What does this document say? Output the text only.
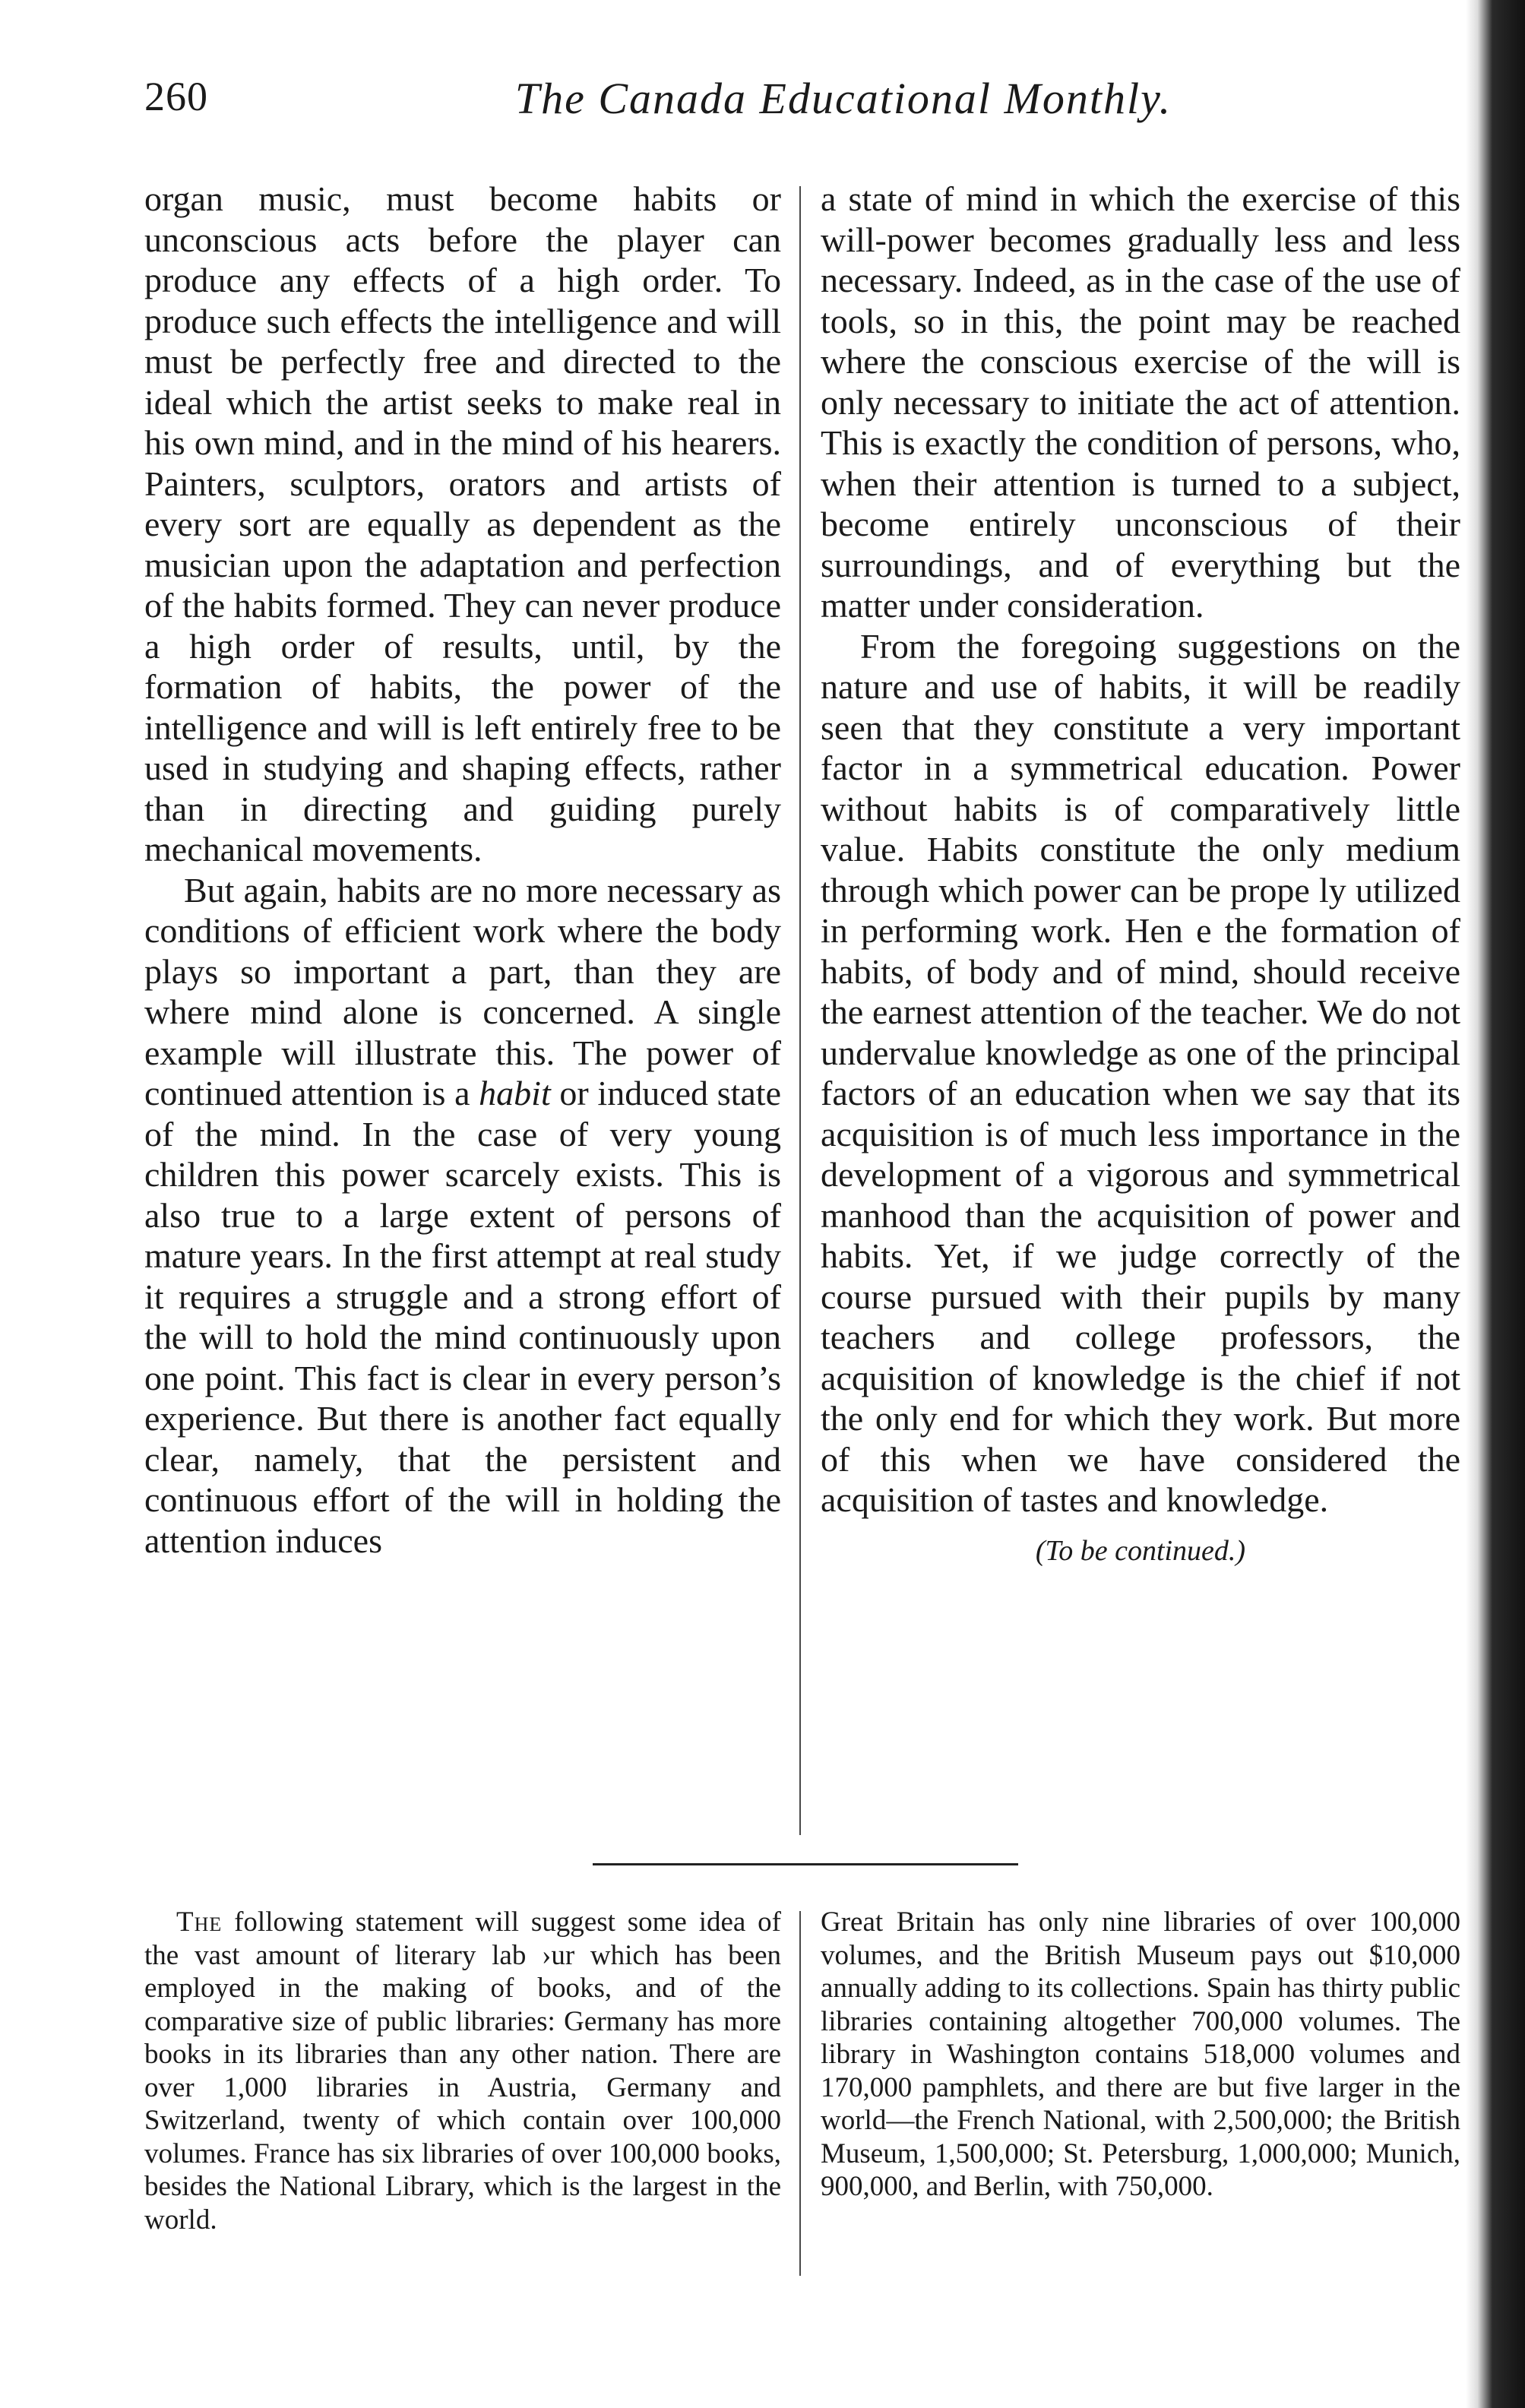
260	The Canada Educational Monthly.

organ music, must become habits or unconscious acts before the player can produce any effects of a high order. To produce such effects the intelligence and will must be perfectly free and directed to the ideal which the artist seeks to make real in his own mind, and in the mind of his hearers. Painters, sculptors, orators and artists of every sort are equally as dependent as the musician upon the adaptation and perfection of the habits formed. They can never produce a high order of results, until, by the formation of habits, the power of the intelligence and will is left entirely free to be used in studying and shaping effects, rather than in directing and guiding purely mechanical movements.

But again, habits are no more necessary as conditions of efficient work where the body plays so important a part, than they are where mind alone is concerned. A single example will illustrate this. The power of continued attention is a habit or induced state of the mind. In the case of very young children this power scarcely exists. This is also true to a large extent of persons of mature years. In the first attempt at real study it requires a struggle and a strong effort of the will to hold the mind continuously upon one point. This fact is clear in every person’s experience. But there is another fact equally clear, namely, that the persistent and continuous effort of the will in holding the attention induces

a state of mind in which the exercise of this will-power becomes gradually less and less necessary. Indeed, as in the case of the use of tools, so in this, the point may be reached where the conscious exercise of the will is only necessary to initiate the act of attention. This is exactly the condition of persons, who, when their attention is turned to a subject, become entirely unconscious of their surroundings, and of everything but the matter under consideration.

From the foregoing suggestions on the nature and use of habits, it will be readily seen that they constitute a very important factor in a symmetrical education. Power without habits is of comparatively little value. Habits constitute the only medium through which power can be prope ly utilized in performing work. Hen e the formation of habits, of body and of mind, should receive the earnest attention of the teacher. We do not undervalue knowledge as one of the principal factors of an education when we say that its acquisition is of much less importance in the development of a vigorous and symmetrical manhood than the acquisition of power and habits. Yet, if we judge correctly of the course pursued with their pupils by many teachers and college professors, the acquisition of knowledge is the chief if not the only end for which they work. But more of this when we have considered the acquisition of tastes and knowledge.

(To be continued.)

The following statement will suggest some idea of the vast amount of literary lab ›ur which has been employed in the making of books, and of the comparative size of public libraries: Germany has more books in its libraries than any other nation. There are over 1,000 libraries in Austria, Germany and Switzerland, twenty of which contain over 100,000 volumes. France has six libraries of over 100,000 books, besides the National Library, which is the largest in the world.

Great Britain has only nine libraries of over 100,000 volumes, and the British Museum pays out $10,000 annually adding to its collections. Spain has thirty public libraries containing altogether 700,000 volumes. The library in Washington contains 518,000 volumes and 170,000 pamphlets, and there are but five larger in the world—the French National, with 2,500,000; the British Museum, 1,500,000; St. Petersburg, 1,000,000; Munich, 900,000, and Berlin, with 750,000.
